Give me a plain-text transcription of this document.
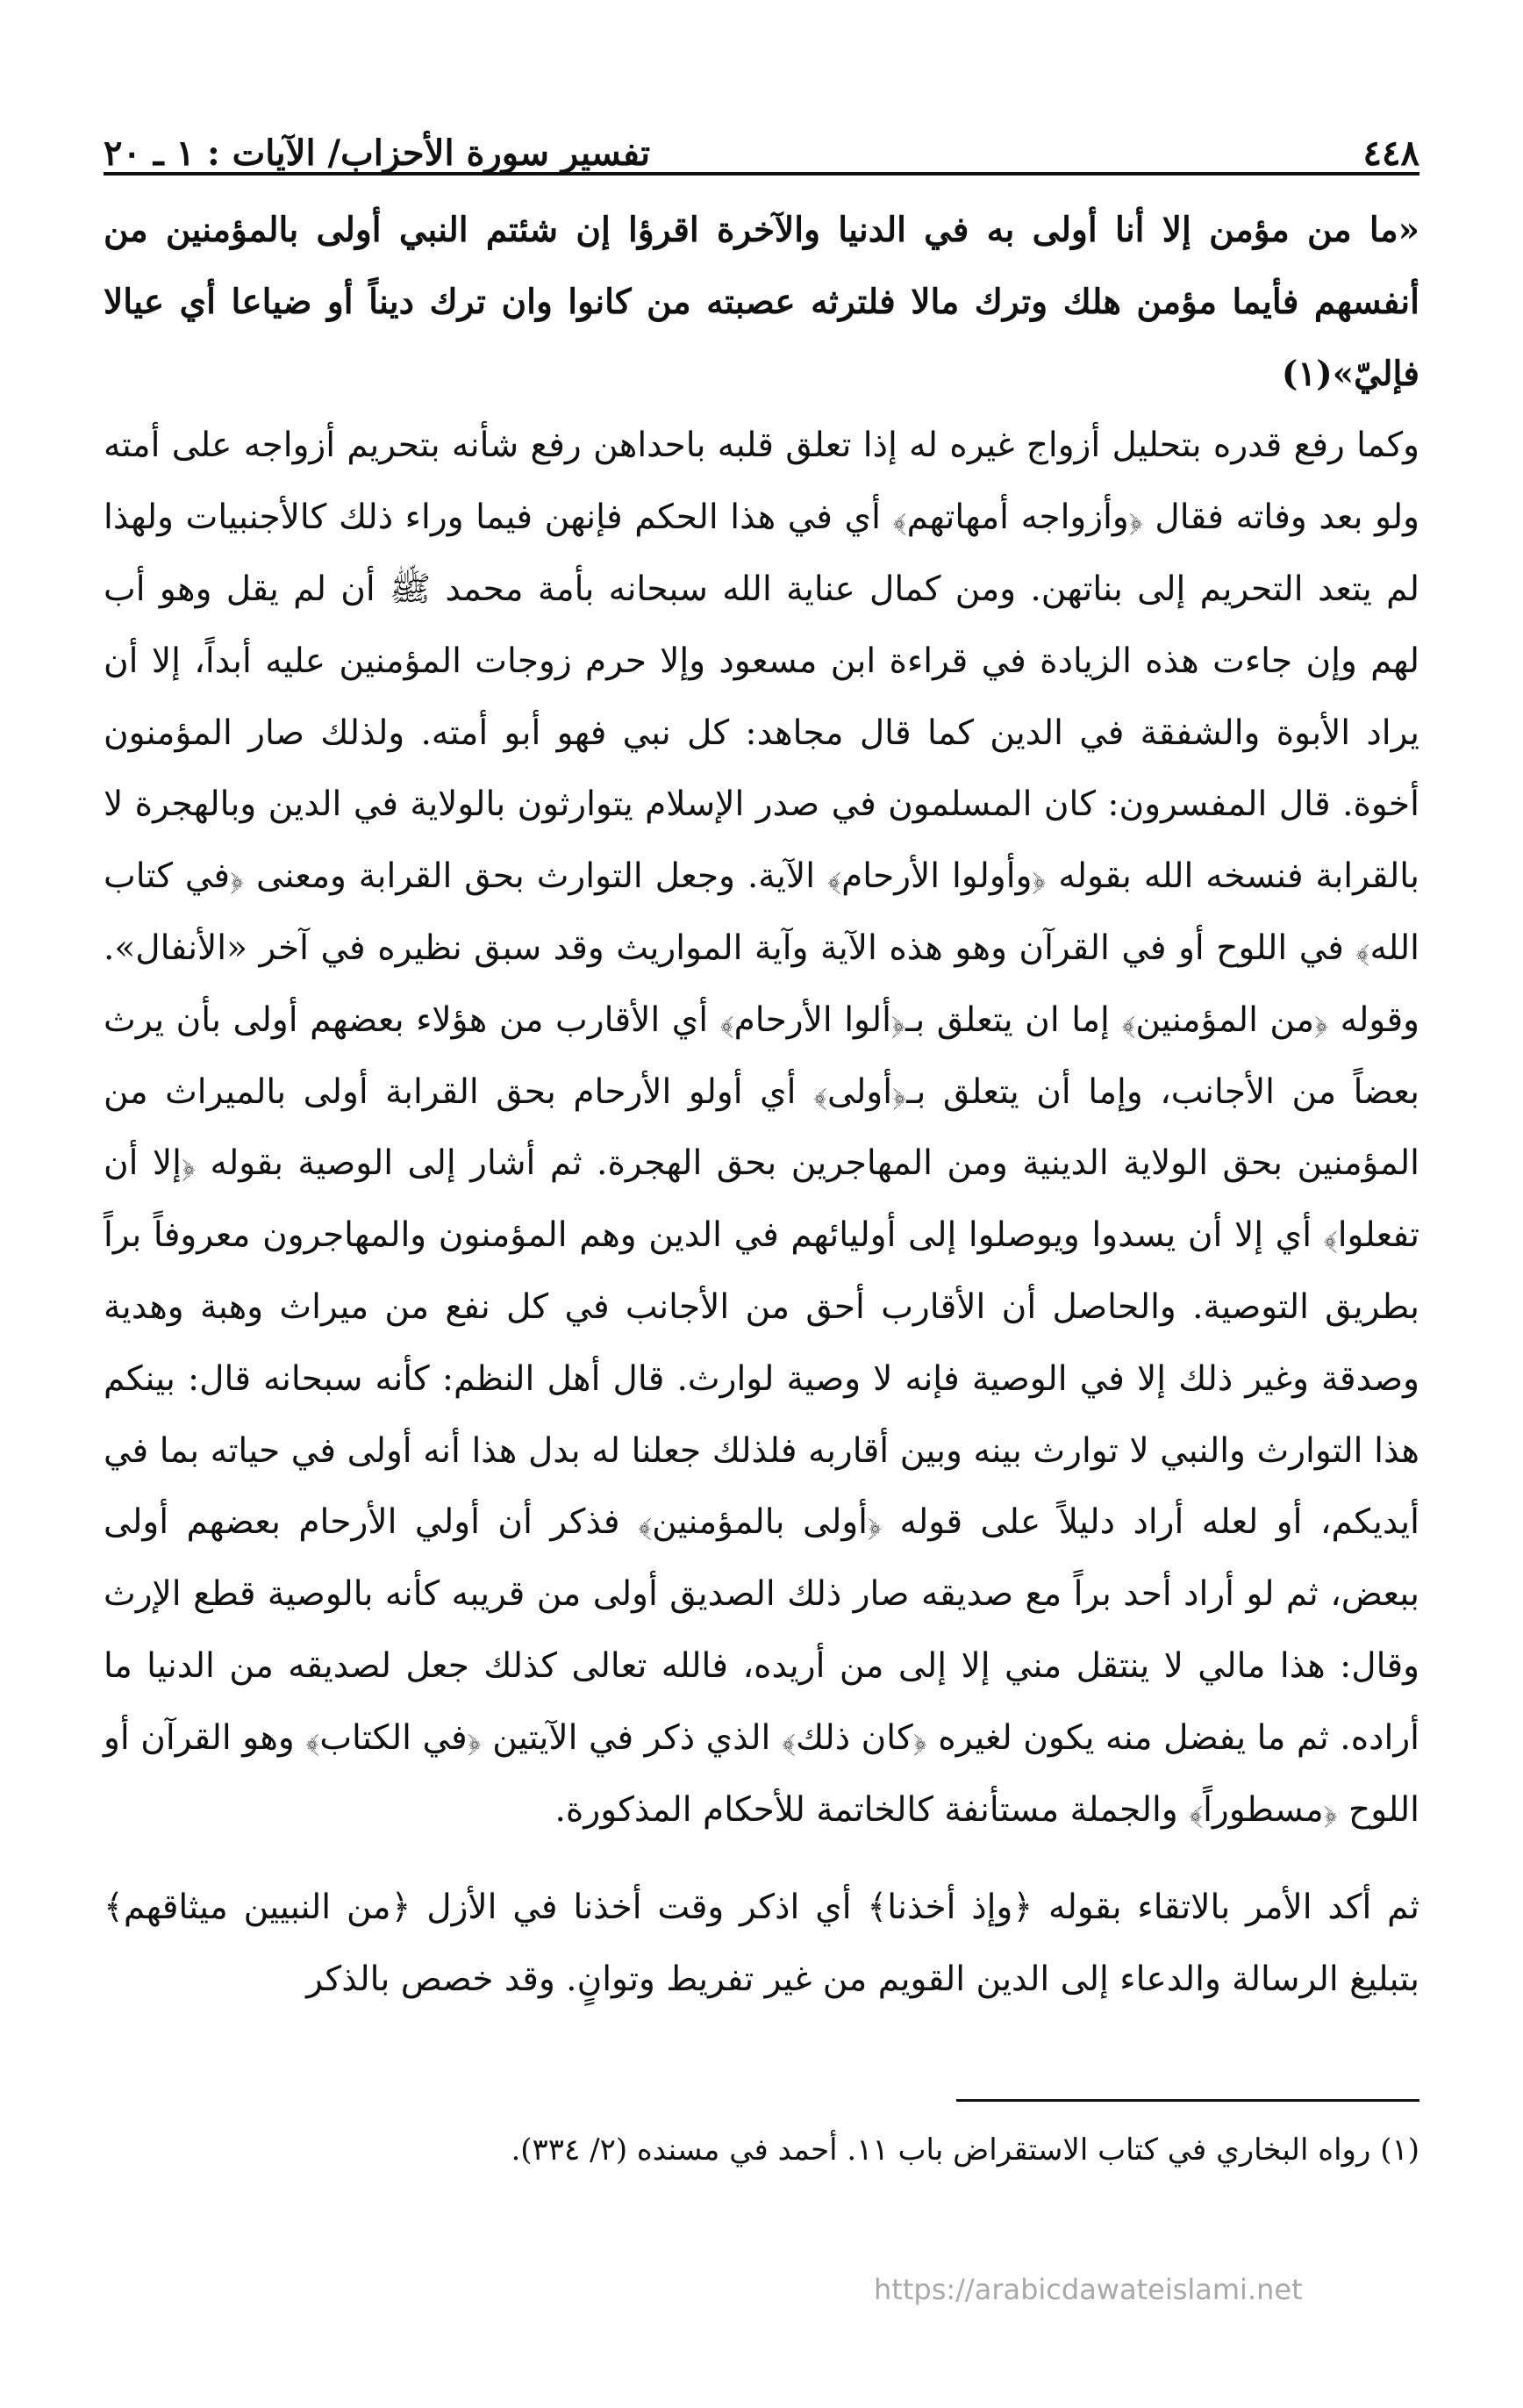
٤٤٨
تفسير سورة الأحزاب/ الآيات : ١ ـ ٢٠

«ما من مؤمن إلا أنا أولى به في الدنيا والآخرة اقرؤا إن شئتم النبي أولى بالمؤمنين من أنفسهم فأيما مؤمن هلك وترك مالا فلترثه عصبته من كانوا وان ترك ديناً أو ضياعا أي عيالا فإليّ»(١)

وكما رفع قدره بتحليل أزواج غيره له إذا تعلق قلبه باحداهن رفع شأنه بتحريم أزواجه على أمته ولو بعد وفاته فقال ﴿وأزواجه أمهاتهم﴾ أي في هذا الحكم فإنهن فيما وراء ذلك كالأجنبيات ولهذا لم يتعد التحريم إلى بناتهن. ومن كمال عناية الله سبحانه بأمة محمد ﷺ أن لم يقل وهو أب لهم وإن جاءت هذه الزيادة في قراءة ابن مسعود وإلا حرم زوجات المؤمنين عليه أبداً، إلا أن يراد الأبوة والشفقة في الدين كما قال مجاهد: كل نبي فهو أبو أمته. ولذلك صار المؤمنون أخوة. قال المفسرون: كان المسلمون في صدر الإسلام يتوارثون بالولاية في الدين وبالهجرة لا بالقرابة فنسخه الله بقوله ﴿وأولوا الأرحام﴾ الآية. وجعل التوارث بحق القرابة ومعنى ﴿في كتاب الله﴾ في اللوح أو في القرآن وهو هذه الآية وآية المواريث وقد سبق نظيره في آخر «الأنفال». وقوله ﴿من المؤمنين﴾ إما ان يتعلق بـ﴿ألوا الأرحام﴾ أي الأقارب من هؤلاء بعضهم أولى بأن يرث بعضاً من الأجانب، وإما أن يتعلق بـ﴿أولى﴾ أي أولو الأرحام بحق القرابة أولى بالميراث من المؤمنين بحق الولاية الدينية ومن المهاجرين بحق الهجرة. ثم أشار إلى الوصية بقوله ﴿إلا أن تفعلوا﴾ أي إلا أن يسدوا ويوصلوا إلى أوليائهم في الدين وهم المؤمنون والمهاجرون معروفاً براً بطريق التوصية. والحاصل أن الأقارب أحق من الأجانب في كل نفع من ميراث وهبة وهدية وصدقة وغير ذلك إلا في الوصية فإنه لا وصية لوارث. قال أهل النظم: كأنه سبحانه قال: بينكم هذا التوارث والنبي لا توارث بينه وبين أقاربه فلذلك جعلنا له بدل هذا أنه أولى في حياته بما في أيديكم، أو لعله أراد دليلاً على قوله ﴿أولى بالمؤمنين﴾ فذكر أن أولي الأرحام بعضهم أولى ببعض، ثم لو أراد أحد براً مع صديقه صار ذلك الصديق أولى من قريبه كأنه بالوصية قطع الإرث وقال: هذا مالي لا ينتقل مني إلا إلى من أريده، فالله تعالى كذلك جعل لصديقه من الدنيا ما أراده. ثم ما يفضل منه يكون لغيره ﴿كان ذلك﴾ الذي ذكر في الآيتين ﴿في الكتاب﴾ وهو القرآن أو اللوح ﴿مسطوراً﴾ والجملة مستأنفة كالخاتمة للأحكام المذكورة.

ثم أكد الأمر بالاتقاء بقوله ﴿وإذ أخذنا﴾ أي اذكر وقت أخذنا في الأزل ﴿من النبيين ميثاقهم﴾ بتبليغ الرسالة والدعاء إلى الدين القويم من غير تفريط وتوانٍ. وقد خصص بالذكر

(١) رواه البخاري في كتاب الاستقراض باب ١١. أحمد في مسنده (٢/ ٣٣٤).
https://arabicdawateislami.net
